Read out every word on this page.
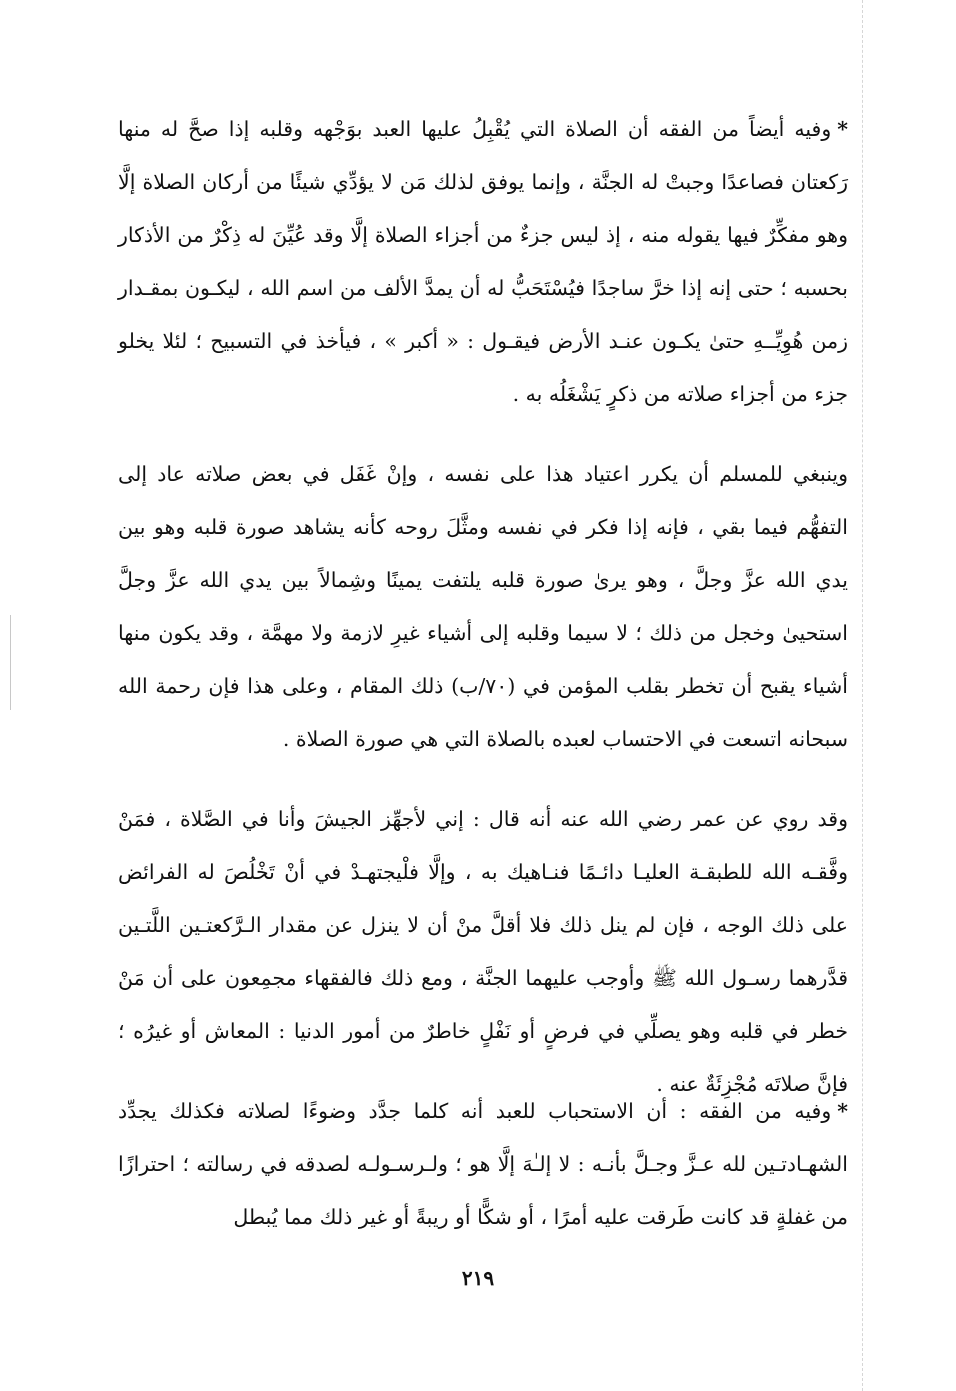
*وفيه أيضاً من الفقه أن الصلاة التي يُقْبِلُ عليها العبد بوَجْهه وقلبه إذا صحَّ له منها رَكعتان فصاعدًا وجبتْ له الجنَّة ، وإنما يوفق لذلك مَن لا يؤدِّي شيئًا من أركان الصلاة إلَّا وهو مفكِّرٌ فيها يقوله منه ، إذ ليس جزءٌ من أجزاء الصلاة إلَّا وقد عُيِّنَ له ذِكْرٌ من الأذكار بحسبه ؛ حتى إنه إذا خرَّ ساجدًا فيُسْتَحَبُّ له أن يمدَّ الألف من اسم الله ، ليكـون بمقـدار زمن هُوِيِّــهِ حتىٰ يكـون عنـد الأرض فيقـول : « أكبر » ، فيأخذ في التسبيح ؛ لئلا يخلو جزء من أجزاء صلاته من ذكرٍ يَشْغَلُه به .

وينبغي للمسلم أن يكرر اعتياد هذا على نفسه ، وإنْ غَفَل في بعض صلاته عاد إلى التفهُّم فيما بقي ، فإنه إذا فكر في نفسه ومثَّلَ روحه كأنه يشاهد صورة قلبه وهو بين يدي الله عزَّ وجلَّ ، وهو يرىٰ صورة قلبه يلتفت يمينًا وشِمالاً بين يدي الله عزَّ وجلَّ استحيىٰ وخجل من ذلك ؛ لا سيما وقلبه إلى أشياء غيرِ لازمة ولا مهمَّة ، وقد يكون منها أشياء يقبح أن تخطر بقلب المؤمن في (٧٠/ب) ذلك المقام ، وعلى هذا فإن رحمة الله سبحانه اتسعت في الاحتساب لعبده بالصلاة التي هي صورة الصلاة .

وقد روي عن عمر رضي الله عنه أنه قال : إني لأجهِّز الجيشَ وأنا في الصَّلاة ، فمَنْ وفَّقـه الله للطبقـة العليـا دائـمًا فنـاهيك به ، وإلَّا فلْيجتهـدْ في أنْ تَخْلُصَ له الفرائض على ذلك الوجه ، فإن لم ينل ذلك فلا أقلَّ منْ أن لا ينزل عن مقدار الـرَّكعتـين اللَّتـين قدَّرهما رسـول الله ﷺ وأوجب عليهما الجنَّة ، ومع ذلك فالفقهاء مجمِعون على أن مَنْ خطر في قلبه وهو يصلِّي في فرضٍ أو نَفْلٍ خاطرٌ من أمور الدنيا : المعاش أو غيرُه ؛ فإنَّ صلاتَه مُجْزِئَةٌ عنه .

*وفيه من الفقه : أن الاستحباب للعبد أنه كلما جدَّد وضوءًا لصلاته فكذلك يجدِّد الشهـادتـين لله عـزَّ وجـلَّ بأنـه : لا إلـٰهَ إلَّا هو ؛ ولـرسـولـه لصدقه في رسالته ؛ احترازًا من غفلةٍ قد كانت طَرقت عليه أمرًا ، أو شكًّا أو ريبةً أو غير ذلك مما يُبطل

٢١٩
